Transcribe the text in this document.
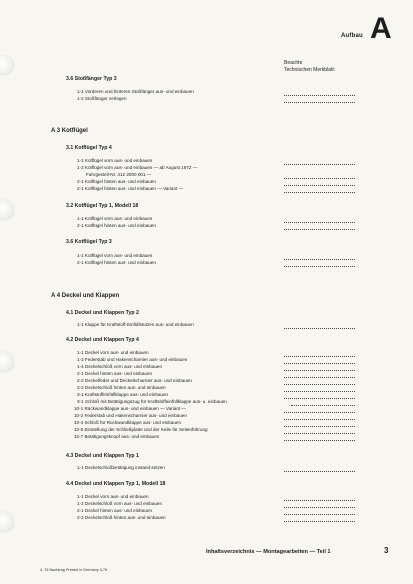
Aufbau A
Beachte
Technischen Merkblatt:
3.6 Stoßfänger Typ 3
1-1 Vorderen und hinteren Stoßfänger aus- und einbauen
1-2 Stoßfänger zerlegen
A 3 Kotflügel
3.1 Kotflügel Typ 4
1-1 Kotflügel vorn aus- und einbauen
1-2 Kotflügel vorn aus- und einbauen — ab August 1972 —
Fahrgestell-Nr. 412 2000 001 —
2-1 Kotflügel hinten aus- und einbauen
2-1 Kotflügel hinten aus- und einbauen — Variant —
3.2 Kotflügel Typ 1, Modell 18
1-1 Kotflügel vorn aus- und einbauen
2-1 Kotflügel hinten aus- und einbauen
3.6 Kotflügel Typ 3
1-1 Kotflügel vorn aus- und einbauen
2-1 Kotflügel hinten aus- und einbauen
A 4 Deckel und Klappen
4.1 Deckel und Klappen Typ 2
1-1 Klappe für Kraftstoff-Einfüllstutzen aus- und einbauen
4.2 Deckel und Klappen Typ 4
1-1 Deckel vorn aus- und einbauen
1-2 Federstab und Hakenscharnier aus- und einbauen
1-4 Deckelschloß vorn aus- und einbauen
2-1 Deckel hinten aus- und einbauen
2-2 Deckelfeder und Deckelscharnier aus- und einbauen
2-2 Deckelschloß hinten aus- und einbauen
3-1 Kraftstoffeinfüllklappe aus- und einbauen
3-1 Schloß mit Betätigungszug für Kraftstoffeinfüllklappe aus- u. einbauen
10-1 Rückwandklappe aus- und einbauen — Variant —
10-2 Federstab und Hakenscharnier aus- und einbauen
10-4 Schloß für Rückwandklappe aus- und einbauen
10-5 Einstellung der Schließplatte und der Keile für Seitenführung
10-7 Betätigungsknopf aus- und einbauen
4.3 Deckel und Klappen Typ 1
1-1 Deckelschloßbetätigung instand setzen
4.4 Deckel und Klappen Typ 1, Modell 18
1-1 Deckel vorn aus- und einbauen
1-2 Deckelschloß vorn aus- und einbauen
2-1 Deckel hinten aus- und einbauen
2-2 Deckelschloß hinten aus- und einbauen
Inhaltsverzeichnis — Montagearbeiten — Teil 1	3
4. 76 Nachtrag Printed in Germany 3.76
